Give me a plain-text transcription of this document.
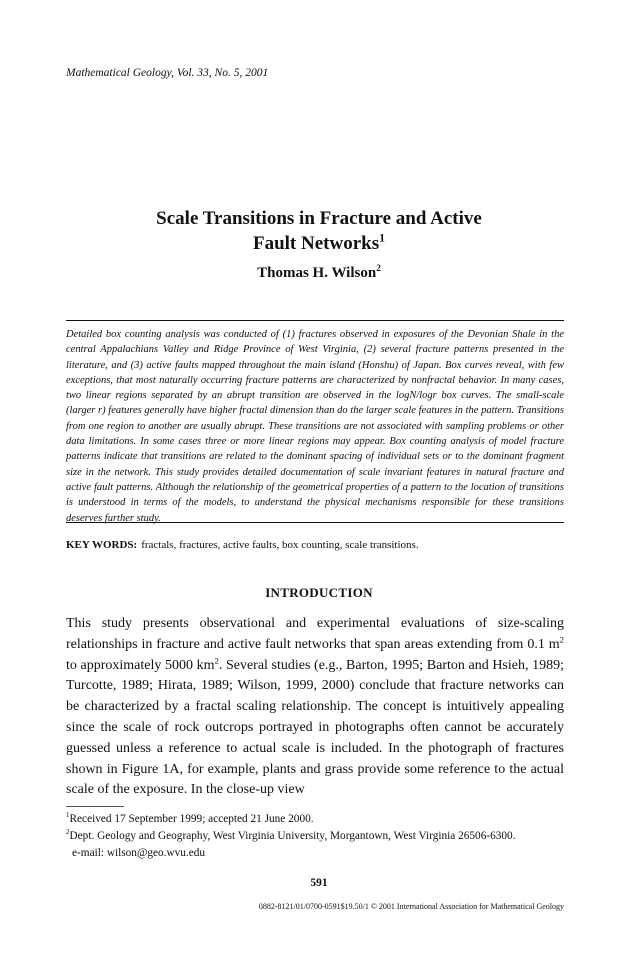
Mathematical Geology, Vol. 33, No. 5, 2001
Scale Transitions in Fracture and Active
Fault Networks$^1$
Thomas H. Wilson$^2$
Detailed box counting analysis was conducted of (1) fractures observed in exposures of the Devonian Shale in the central Appalachians Valley and Ridge Province of West Virginia, (2) several fracture patterns presented in the literature, and (3) active faults mapped throughout the main island (Honshu) of Japan. Box curves reveal, with few exceptions, that most naturally occurring fracture patterns are characterized by nonfractal behavior. In many cases, two linear regions separated by an abrupt transition are observed in the logN/logr box curves. The small-scale (larger r) features generally have higher fractal dimension than do the larger scale features in the pattern. Transitions from one region to another are usually abrupt. These transitions are not associated with sampling problems or other data limitations. In some cases three or more linear regions may appear. Box counting analysis of model fracture patterns indicate that transitions are related to the dominant spacing of individual sets or to the dominant fragment size in the network. This study provides detailed documentation of scale invariant features in natural fracture and active fault patterns. Although the relationship of the geometrical properties of a pattern to the location of transitions is understood in terms of the models, to understand the physical mechanisms responsible for these transitions deserves further study.
KEY WORDS: fractals, fractures, active faults, box counting, scale transitions.
INTRODUCTION
This study presents observational and experimental evaluations of size-scaling relationships in fracture and active fault networks that span areas extending from 0.1 $m^2$ to approximately 5000 $km^2$. Several studies (e.g., Barton, 1995; Barton and Hsieh, 1989; Turcotte, 1989; Hirata, 1989; Wilson, 1999, 2000) conclude that fracture networks can be characterized by a fractal scaling relationship. The concept is intuitively appealing since the scale of rock outcrops portrayed in photographs often cannot be accurately guessed unless a reference to actual scale is included. In the photograph of fractures shown in Figure 1A, for example, plants and grass provide some reference to the actual scale of the exposure. In the close-up view
$^1$Received 17 September 1999; accepted 21 June 2000.
$^2$Dept. Geology and Geography, West Virginia University, Morgantown, West Virginia 26506-6300.
e-mail: wilson@geo.wvu.edu
591
0882-8121/01/0700-0591$19.50/1 © 2001 International Association for Mathematical Geology
